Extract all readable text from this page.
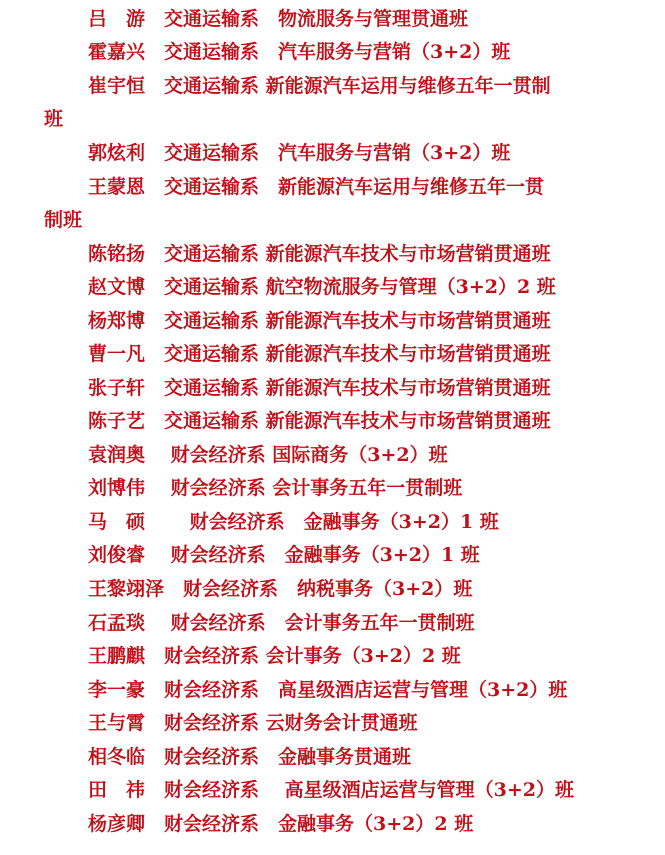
吕　游　交通运输系　物流服务与管理贯通班
霍嘉兴　交通运输系　汽车服务与营销（3+2）班
崔宇恒　交通运输系 新能源汽车运用与维修五年一贯制
班
郭炫利　交通运输系　汽车服务与营销（3+2）班
王蒙恩　交通运输系　新能源汽车运用与维修五年一贯
制班
陈铭扬　交通运输系 新能源汽车技术与市场营销贯通班
赵文博　交通运输系 航空物流服务与管理（3+2）2 班
杨郑博　交通运输系 新能源汽车技术与市场营销贯通班
曹一凡　交通运输系 新能源汽车技术与市场营销贯通班
张子轩　交通运输系 新能源汽车技术与市场营销贯通班
陈子艺　交通运输系 新能源汽车技术与市场营销贯通班
袁润奥　 财会经济系 国际商务（3+2）班
刘博伟　 财会经济系 会计事务五年一贯制班
马　硕　　 财会经济系　金融事务（3+2）1 班
刘俊睿　 财会经济系　金融事务（3+2）1 班
王黎翊泽　财会经济系　纳税事务（3+2）班
石孟琰　 财会经济系　会计事务五年一贯制班
王鹏麒　财会经济系 会计事务（3+2）2 班
李一豪　财会经济系　高星级酒店运营与管理（3+2）班
王与霄　财会经济系 云财务会计贯通班
相冬临　财会经济系　金融事务贯通班
田　祎　财会经济系　 高星级酒店运营与管理（3+2）班
杨彦卿　财会经济系　金融事务（3+2）2 班
